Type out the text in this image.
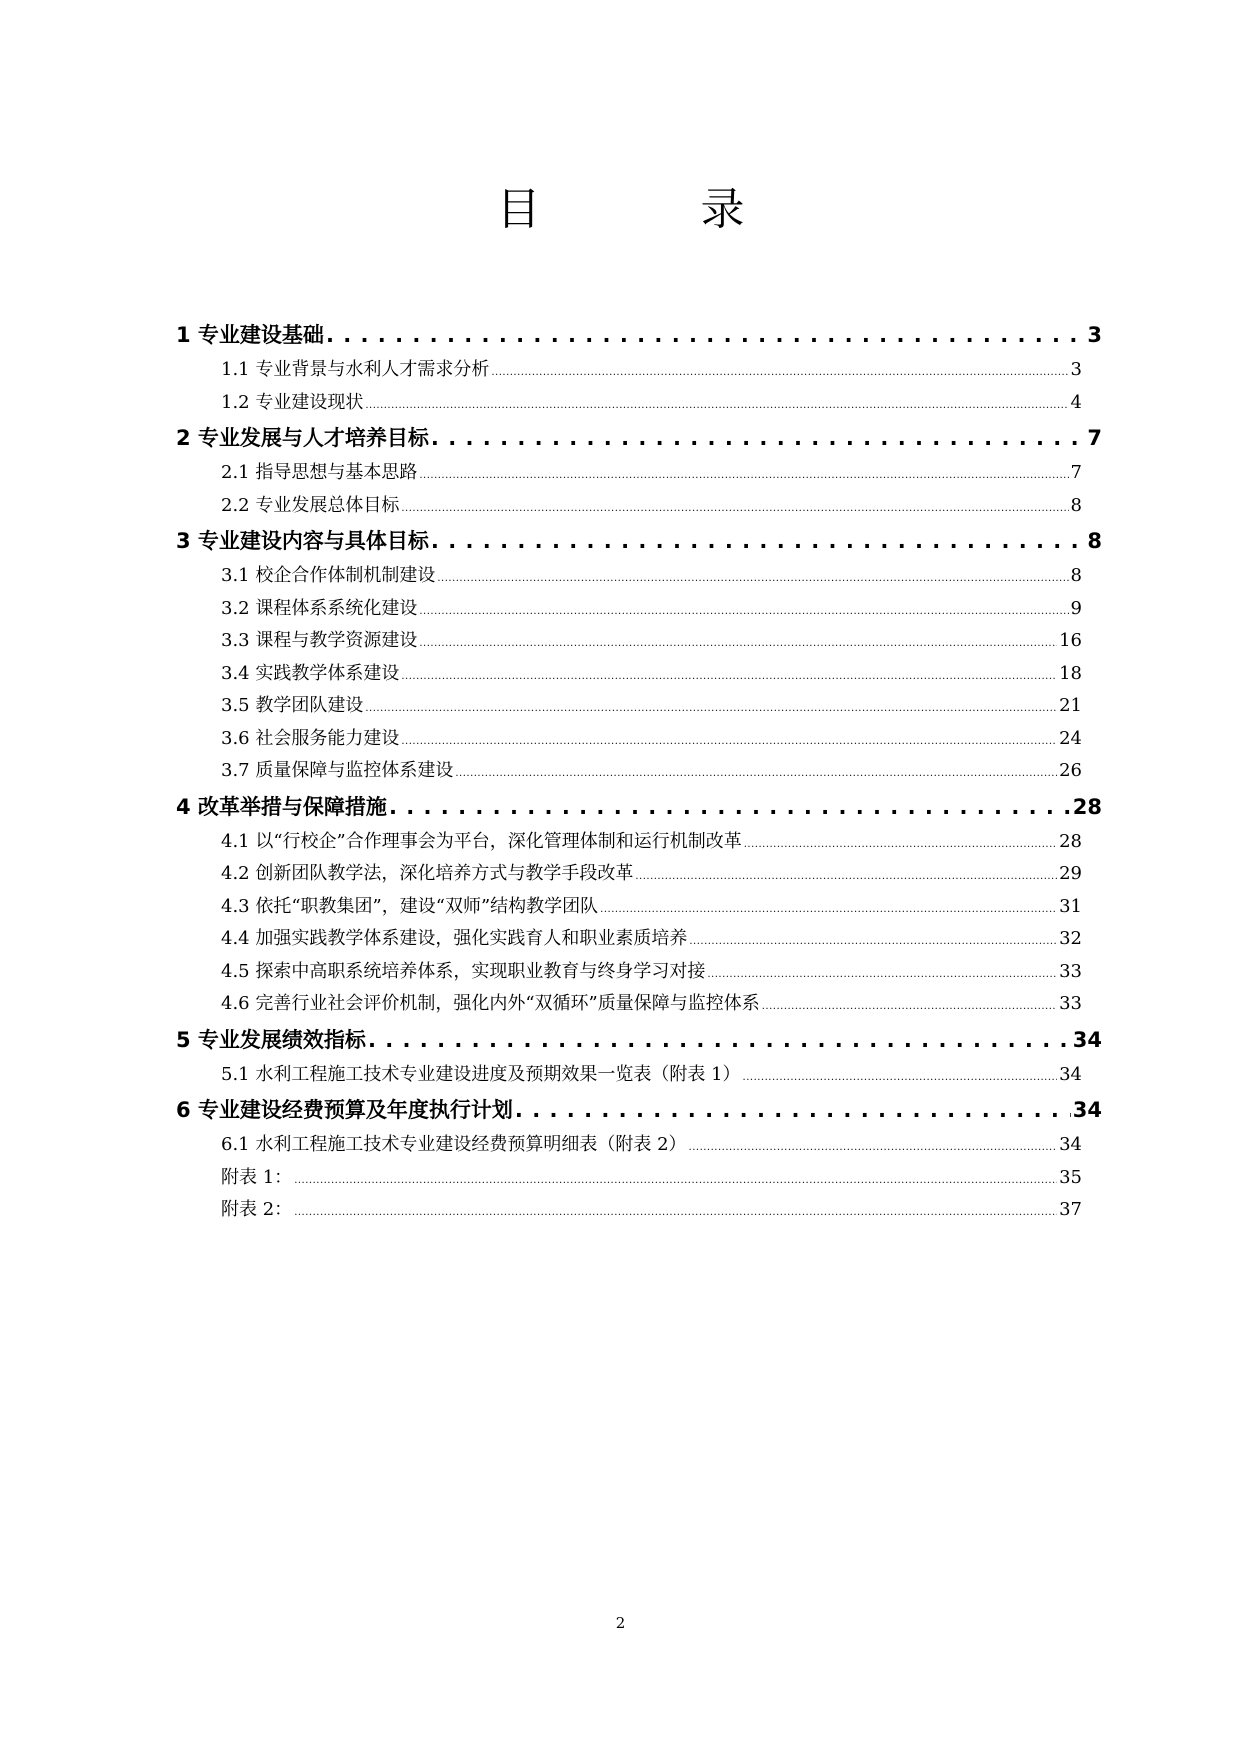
目　录
1 专业建设基础 . . .	3
1.1 专业背景与水利人才需求分析 .....	3
1.2 专业建设现状 .....	4
2 专业发展与人才培养目标 . . .	7
2.1 指导思想与基本思路 .....	7
2.2 专业发展总体目标 .....	8
3 专业建设内容与具体目标 . . .	8
3.1 校企合作体制机制建设 .....	8
3.2 课程体系系统化建设 .....	9
3.3 课程与教学资源建设 .....	16
3.4 实践教学体系建设 .....	18
3.5 教学团队建设 .....	21
3.6 社会服务能力建设 .....	24
3.7 质量保障与监控体系建设 .....	26
4 改革举措与保障措施 . . .	28
4.1 以“行校企”合作理事会为平台，深化管理体制和运行机制改革 .....	28
4.2 创新团队教学法，深化培养方式与教学手段改革 .....	29
4.3 依托“职教集团”，建设“双师”结构教学团队 .....	31
4.4 加强实践教学体系建设，强化实践育人和职业素质培养 .....	32
4.5 探索中高职系统培养体系，实现职业教育与终身学习对接 .....	33
4.6 完善行业社会评价机制，强化内外“双循环”质量保障与监控体系 .....	33
5 专业发展绩效指标 . . .	34
5.1 水利工程施工技术专业建设进度及预期效果一览表（附表 1） .....	34
6 专业建设经费预算及年度执行计划 . . .	34
6.1 水利工程施工技术专业建设经费预算明细表（附表 2） .....	34
附表 1： .....	35
附表 2： .....	37
2
